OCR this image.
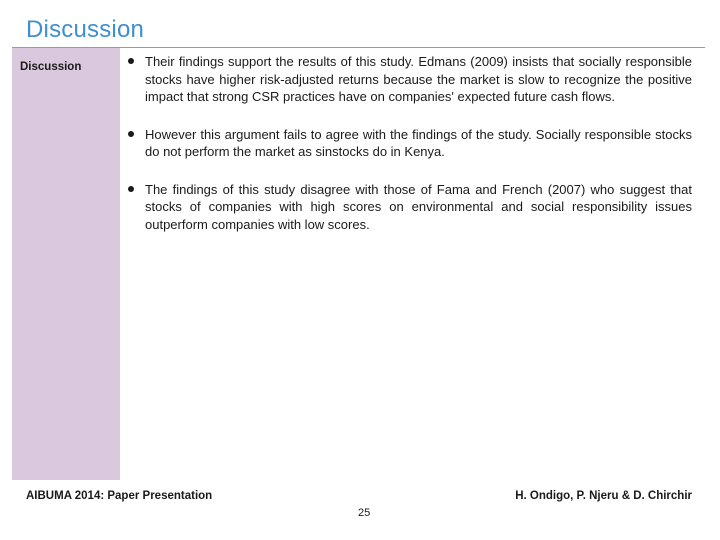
Discussion
Discussion	Their findings support the results of this study. Edmans (2009) insists that socially responsible stocks have higher risk-adjusted returns because the market is slow to recognize the positive impact that strong CSR practices have on companies' expected future cash flows.
However this argument fails to agree with the findings of the study. Socially responsible stocks do not perform the market as sinstocks do in Kenya.
The findings of this study disagree with those of Fama and French (2007) who suggest that stocks of companies with high scores on environmental and social responsibility issues outperform companies with low scores.
AIBUMA 2014: Paper Presentation	H. Ondigo, P. Njeru & D. Chirchir
25
